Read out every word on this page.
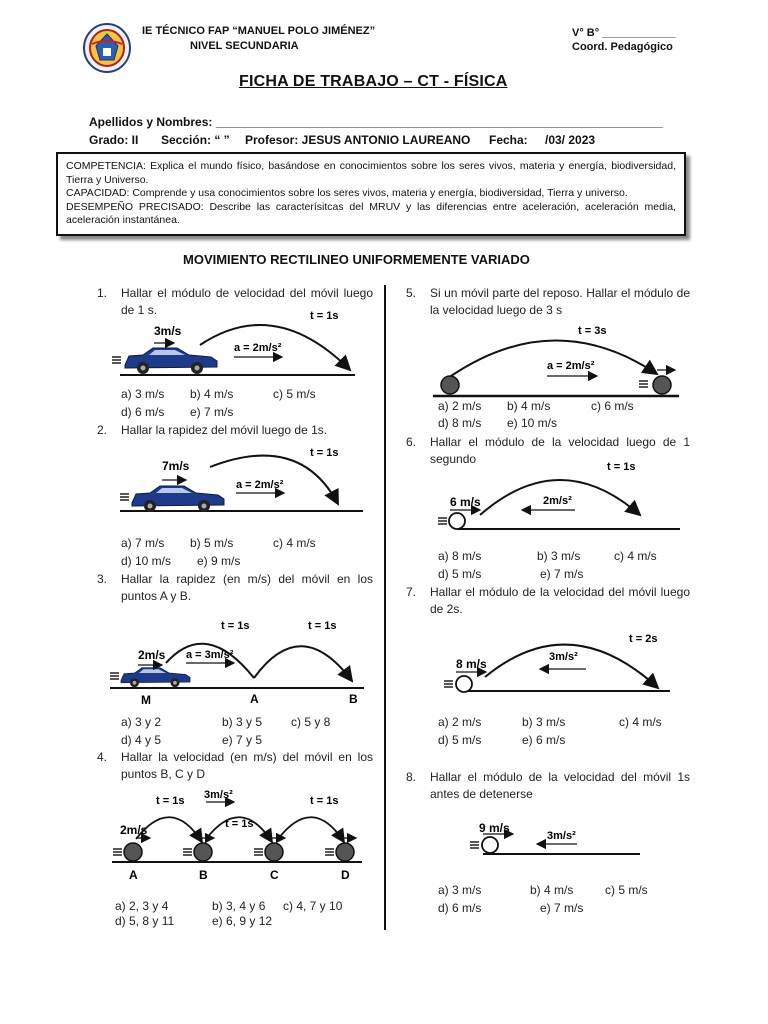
IE TÉCNICO FAP “MANUEL POLO JIMÉNEZ”
NIVEL SECUNDARIA
V° B° ____________
Coord. Pedagógico
FICHA DE TRABAJO – CT - FÍSICA
Apellidos y Nombres: ___________________________________________________________________
Grado: II Sección: “ ” Profesor: JESUS ANTONIO LAUREANO Fecha: /03/ 2023
COMPETENCIA: Explica el mundo físico, basándose en conocimientos sobre los seres vivos, materia y energía, biodiversidad, Tierra y Universo.
CAPACIDAD: Comprende y usa conocimientos sobre los seres vivos, materia y energía, biodiversidad, Tierra y universo.
DESEMPEÑO PRECISADO: Describe las caracterísitcas del MRUV y las diferencias entre aceleración, aceleración media, aceleración instantánea.
MOVIMIENTO RECTILINEO UNIFORMEMENTE VARIADO
1. Hallar el módulo de velocidad del móvil luego de 1 s.
3m/s
a = 2m/s²
t = 1s
a) 3 m/s b) 4 m/s	c) 5 m/s
d) 6 m/s e) 7 m/s
2. Hallar la rapidez del móvil luego de 1s.
7m/s
a = 2m/s²
t = 1s
a) 7 m/s b) 5 m/s	c) 4 m/s
d) 10 m/s e) 9 m/s
3. Hallar la rapidez (en m/s) del móvil en los puntos A y B.
2m/s a = 3m/s²
t = 1s	t = 1s
M	A	B
a) 3 y 2	b) 3 y 5 c) 5 y 8
d) 4 y 5	e) 7 y 5
4. Hallar la velocidad (en m/s) del móvil en los puntos B, C y D
2m/s
3m/s²
t = 1s
t = 1s
t = 1s
A	B	C	D
a) 2, 3 y 4	b) 3, 4 y 6 c) 4, 7 y 10
d) 5, 8 y 11	e) 6, 9 y 12
5. Si un móvil parte del reposo. Hallar el módulo de la velocidad luego de 3 s
t = 3s
a = 2m/s²
a) 2 m/s b) 4 m/s	c) 6 m/s
d) 8 m/s e) 10 m/s
6. Hallar el módulo de la velocidad luego de 1 segundo
t = 1s
6 m/s	2m/s²
a) 8 m/s	b) 3 m/s	c) 4 m/s
d) 5 m/s	e) 7 m/s
7. Hallar el módulo de la velocidad del móvil luego de 2s.
t = 2s
8 m/s	3m/s²
a) 2 m/s	b) 3 m/s	c) 4 m/s
d) 5 m/s	e) 6 m/s
8. Hallar el módulo de la velocidad del móvil 1s antes de detenerse
9 m/s
3m/s²
a) 3 m/s	b) 4 m/s	c) 5 m/s
d) 6 m/s	e) 7 m/s
